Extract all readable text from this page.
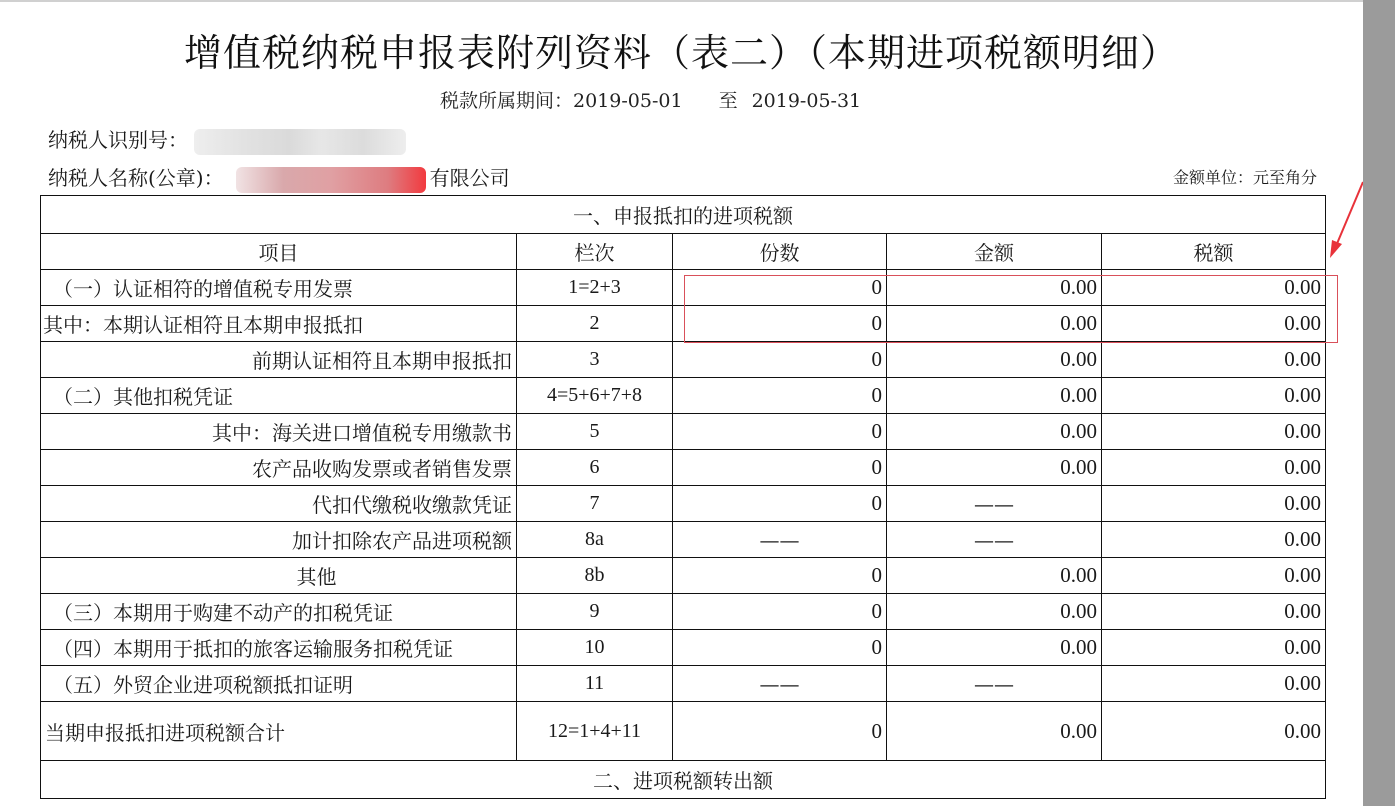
增值税纳税申报表附列资料（表二）（本期进项税额明细）
税款所属期间：2019-05-01 至 2019-05-31
纳税人识别号：
纳税人名称(公章)：	有限公司	金额单位：元至角分
一、申报抵扣的进项税额				
项目	栏次	份数	金额	税额
（一）认证相符的增值税专用发票	1=2+3	0	0.00	0.00
其中：本期认证相符且本期申报抵扣	2	0	0.00	0.00
前期认证相符且本期申报抵扣	3	0	0.00	0.00
（二）其他扣税凭证	4=5+6+7+8	0	0.00	0.00
其中：海关进口增值税专用缴款书	5	0	0.00	0.00
农产品收购发票或者销售发票	6	0	0.00	0.00
代扣代缴税收缴款凭证	7	0	——	0.00
加计扣除农产品进项税额	8a	——	——	0.00
其他	8b	0	0.00	0.00
（三）本期用于购建不动产的扣税凭证	9	0	0.00	0.00
（四）本期用于抵扣的旅客运输服务扣税凭证	10	0	0.00	0.00
（五）外贸企业进项税额抵扣证明	11	——	——	0.00
当期申报抵扣进项税额合计	12=1+4+11	0	0.00	0.00
二、进项税额转出额				
